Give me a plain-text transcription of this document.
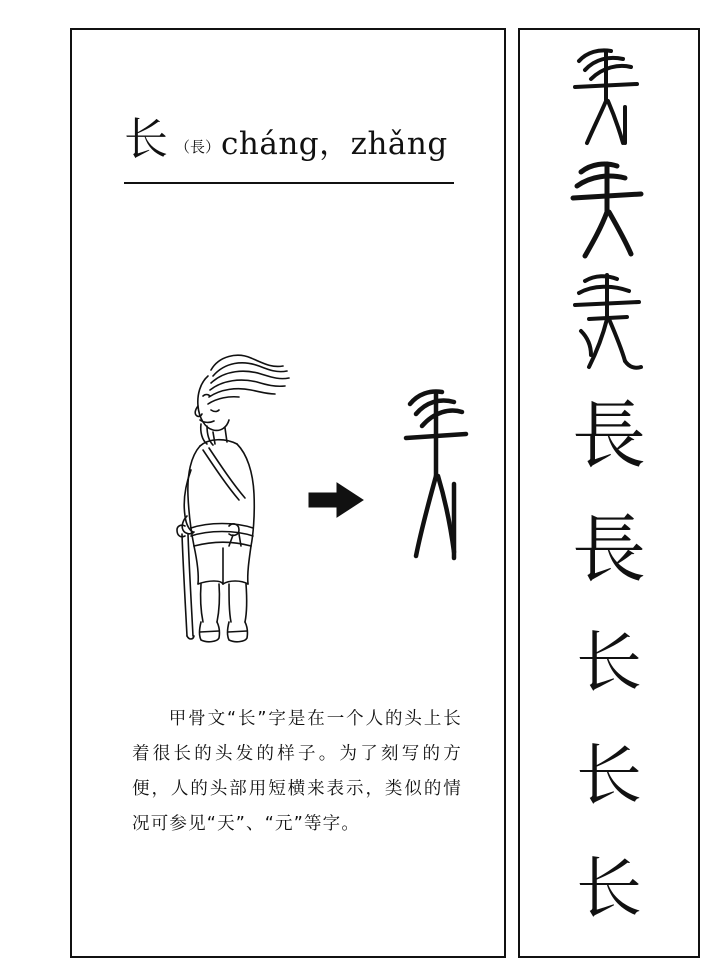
长 （長） cháng，zhǎng
甲骨文“长”字是在一个人的头上长着很长的头发的样子。为了刻写的方便，人的头部用短横来表示，类似的情况可参见“天”、“元”等字。
長
長
长
长
长
